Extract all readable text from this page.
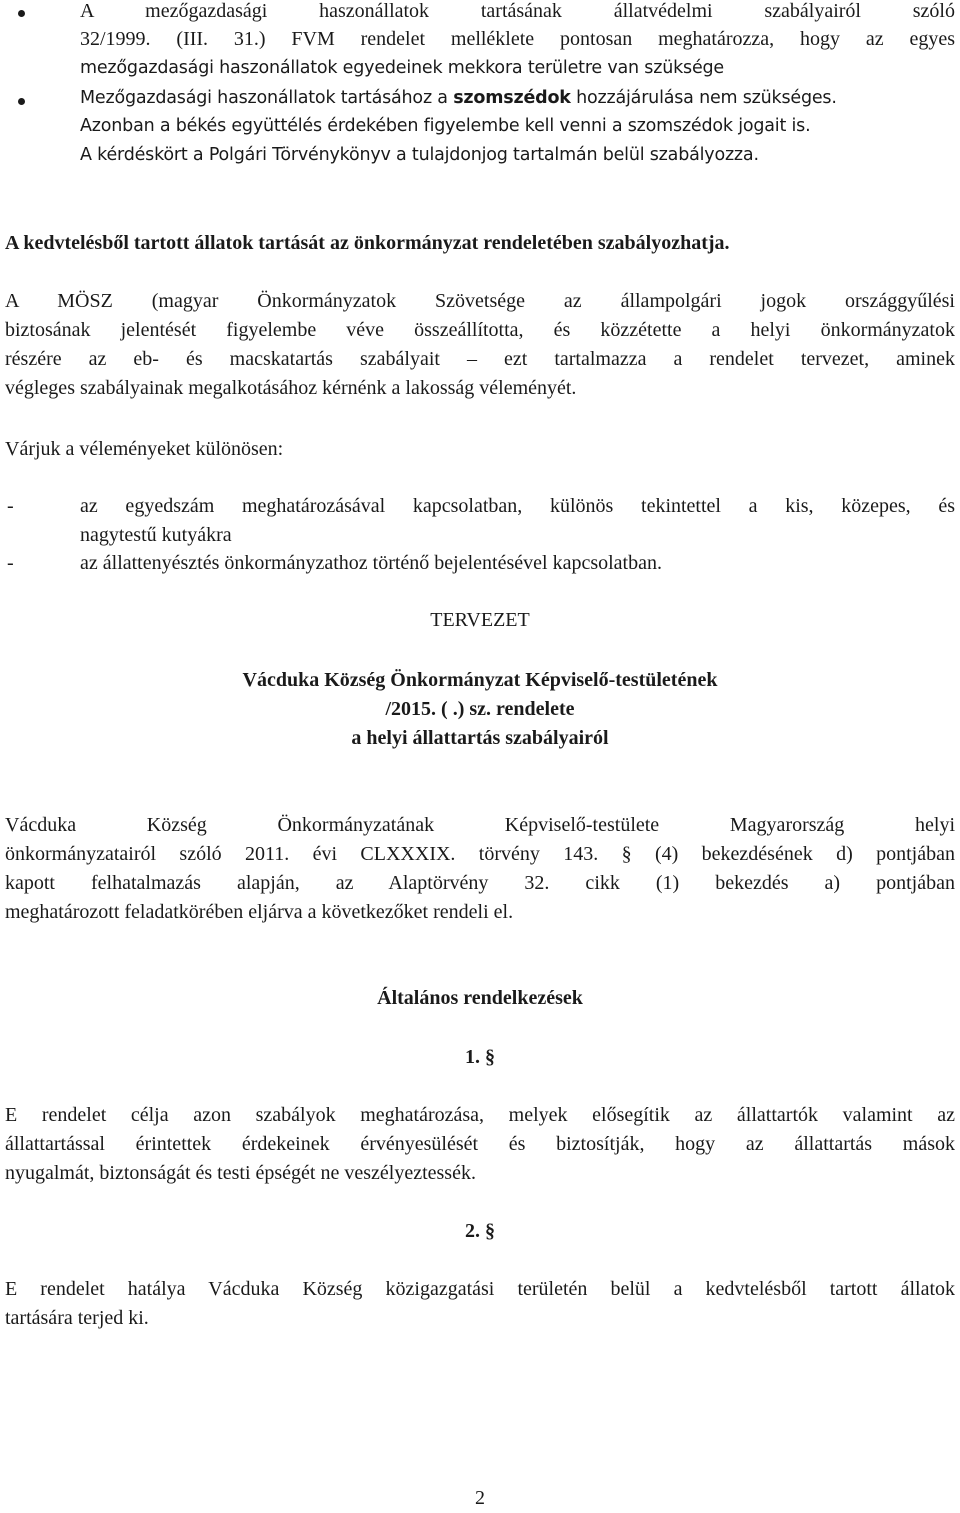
A mezőgazdasági haszonállatok tartásának állatvédelmi szabályairól szóló
32/1999. (III. 31.) FVM rendelet melléklete pontosan meghatározza, hogy az egyes
mezőgazdasági haszonállatok egyedeinek mekkora területre van szüksége
Mezőgazdasági haszonállatok tartásához a szomszédok hozzájárulása nem szükséges.
Azonban a békés együttélés érdekében figyelembe kell venni a szomszédok jogait is.
A kérdéskört a Polgári Törvénykönyv a tulajdonjog tartalmán belül szabályozza.
A kedvtelésből tartott állatok tartását az önkormányzat rendeletében szabályozhatja.
A MÖSZ (magyar Önkormányzatok Szövetsége az állampolgári jogok országgyűlési
biztosának jelentését figyelembe véve összeállította, és közzétette a helyi önkormányzatok
részére az eb- és macskatartás szabályait – ezt tartalmazza a rendelet tervezet, aminek
végleges szabályainak megalkotásához kérnénk a lakosság véleményét.
Várjuk a véleményeket különösen:
-	az egyedszám meghatározásával kapcsolatban, különös tekintettel a kis, közepes, és
nagytestű kutyákra
-	az állattenyésztés önkormányzathoz történő bejelentésével kapcsolatban.
TERVEZET
Vácduka Község Önkormányzat Képviselő-testületének
/2015. ( .) sz. rendelete
a helyi állattartás szabályairól
Vácduka Község Önkormányzatának Képviselő-testülete Magyarország helyi
önkormányzatairól szóló 2011. évi CLXXXIX. törvény 143. § (4) bekezdésének d) pontjában
kapott felhatalmazás alapján, az Alaptörvény 32. cikk (1) bekezdés a) pontjában
meghatározott feladatkörében eljárva a következőket rendeli el.
Általános rendelkezések
1. §
E rendelet célja azon szabályok meghatározása, melyek elősegítik az állattartók valamint az
állattartással érintettek érdekeinek érvényesülését és biztosítják, hogy az állattartás mások
nyugalmát, biztonságát és testi épségét ne veszélyeztessék.
2. §
E rendelet hatálya Vácduka Község közigazgatási területén belül a kedvtelésből tartott állatok
tartására terjed ki.
2
